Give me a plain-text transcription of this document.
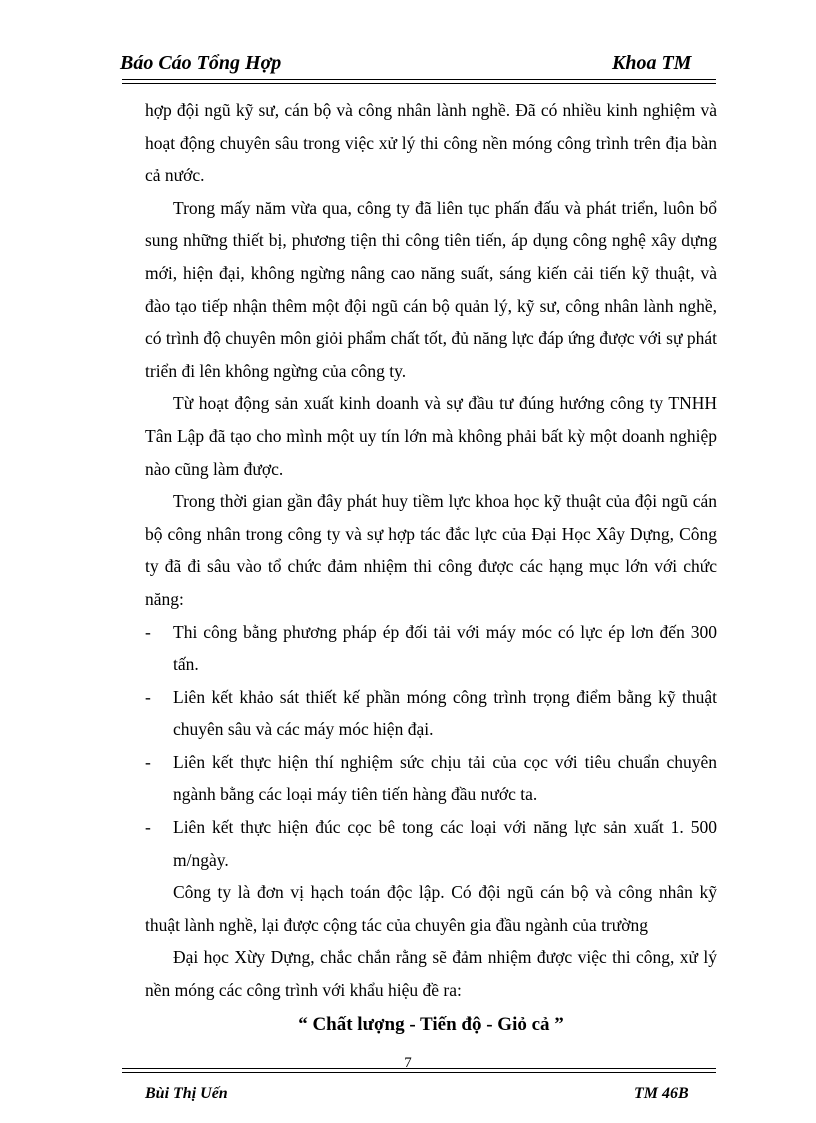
Báo Cáo Tổng Hợp	Khoa TM

hợp đội ngũ kỹ sư, cán bộ và công nhân lành nghề. Đã có nhiều kinh nghiệm và hoạt động chuyên sâu trong việc xử lý thi công nền móng công trình trên địa bàn cả nước.

Trong mấy năm vừa qua, công ty đã liên tục phấn đấu và phát triển, luôn bổ sung những thiết bị, phương tiện thi công tiên tiến, áp dụng công nghệ xây dựng mới, hiện đại, không ngừng nâng cao năng suất, sáng kiến cải tiến kỹ thuật, và đào tạo tiếp nhận thêm một đội ngũ cán bộ quản lý, kỹ sư, công nhân lành nghề, có trình độ chuyên môn giỏi phẩm chất tốt, đủ năng lực đáp ứng được với sự phát triển đi lên không ngừng của công ty.

Từ hoạt động sản xuất kinh doanh và sự đầu tư đúng hướng công ty TNHH Tân Lập đã tạo cho mình một uy tín lớn mà không phải bất kỳ một doanh nghiệp nào cũng làm được.

Trong thời gian gần đây phát huy tiềm lực khoa học kỹ thuật của đội ngũ cán bộ công nhân trong công ty và sự hợp tác đắc lực của Đại Học Xây Dựng, Công ty đã đi sâu vào tổ chức đảm nhiệm thi công được các hạng mục lớn với chức năng:

- Thi công bằng phương pháp ép đối tải với máy móc có lực ép lơn đến 300 tấn.

- Liên kết khảo sát thiết kế phần móng công trình trọng điểm bằng kỹ thuật chuyên sâu và các máy móc hiện đại.

- Liên kết thực hiện thí nghiệm sức chịu tải của cọc với tiêu chuẩn chuyên ngành bằng các loại máy tiên tiến hàng đầu nước ta.

- Liên kết thực hiện đúc cọc bê tong các loại với năng lực sản xuất 1. 500 m/ngày.

Công ty là đơn vị hạch toán độc lập. Có đội ngũ cán bộ và công nhân kỹ thuật lành nghề, lại được cộng tác của chuyên gia đầu ngành của trường

Đại học Xừy Dựng, chắc chắn rằng sẽ đảm nhiệm được việc thi công, xử lý nền móng các công trình với khẩu hiệu đề ra:

“ Chất lượng - Tiến độ - Giỏ cả ”

7
Bùi Thị Uến	TM 46B
